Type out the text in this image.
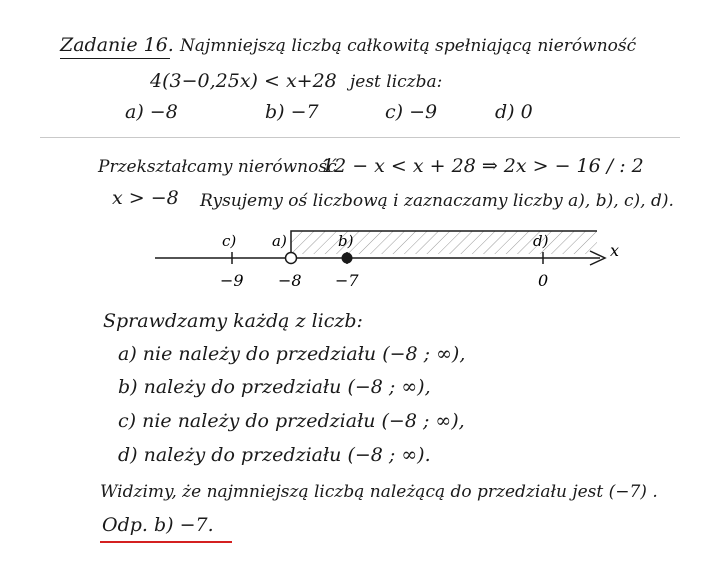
Zadanie 16. Najmniejszą liczbą całkowitą spełniającą nierówność
4(3−0,25x) < x+28 jest liczba:
a) −8	b) −7	c) −9	d) 0
Przekształcamy nierówność
12 − x < x + 28 ⇒ 2x > − 16 / : 2
x > −8 Rysujemy oś liczbową i zaznaczamy liczby a), b), c), d).
x
c) a)	b)	d)
−9 −8 −7	0
Sprawdzamy każdą z liczb:
a) nie należy do przedziału (−8 ; ∞),
b) należy do przedziału (−8 ; ∞),
c) nie należy do przedziału (−8 ; ∞),
d) należy do przedziału (−8 ; ∞).
Widzimy, że najmniejszą liczbą należącą do przedziału jest (−7) .
Odp. b) −7.
